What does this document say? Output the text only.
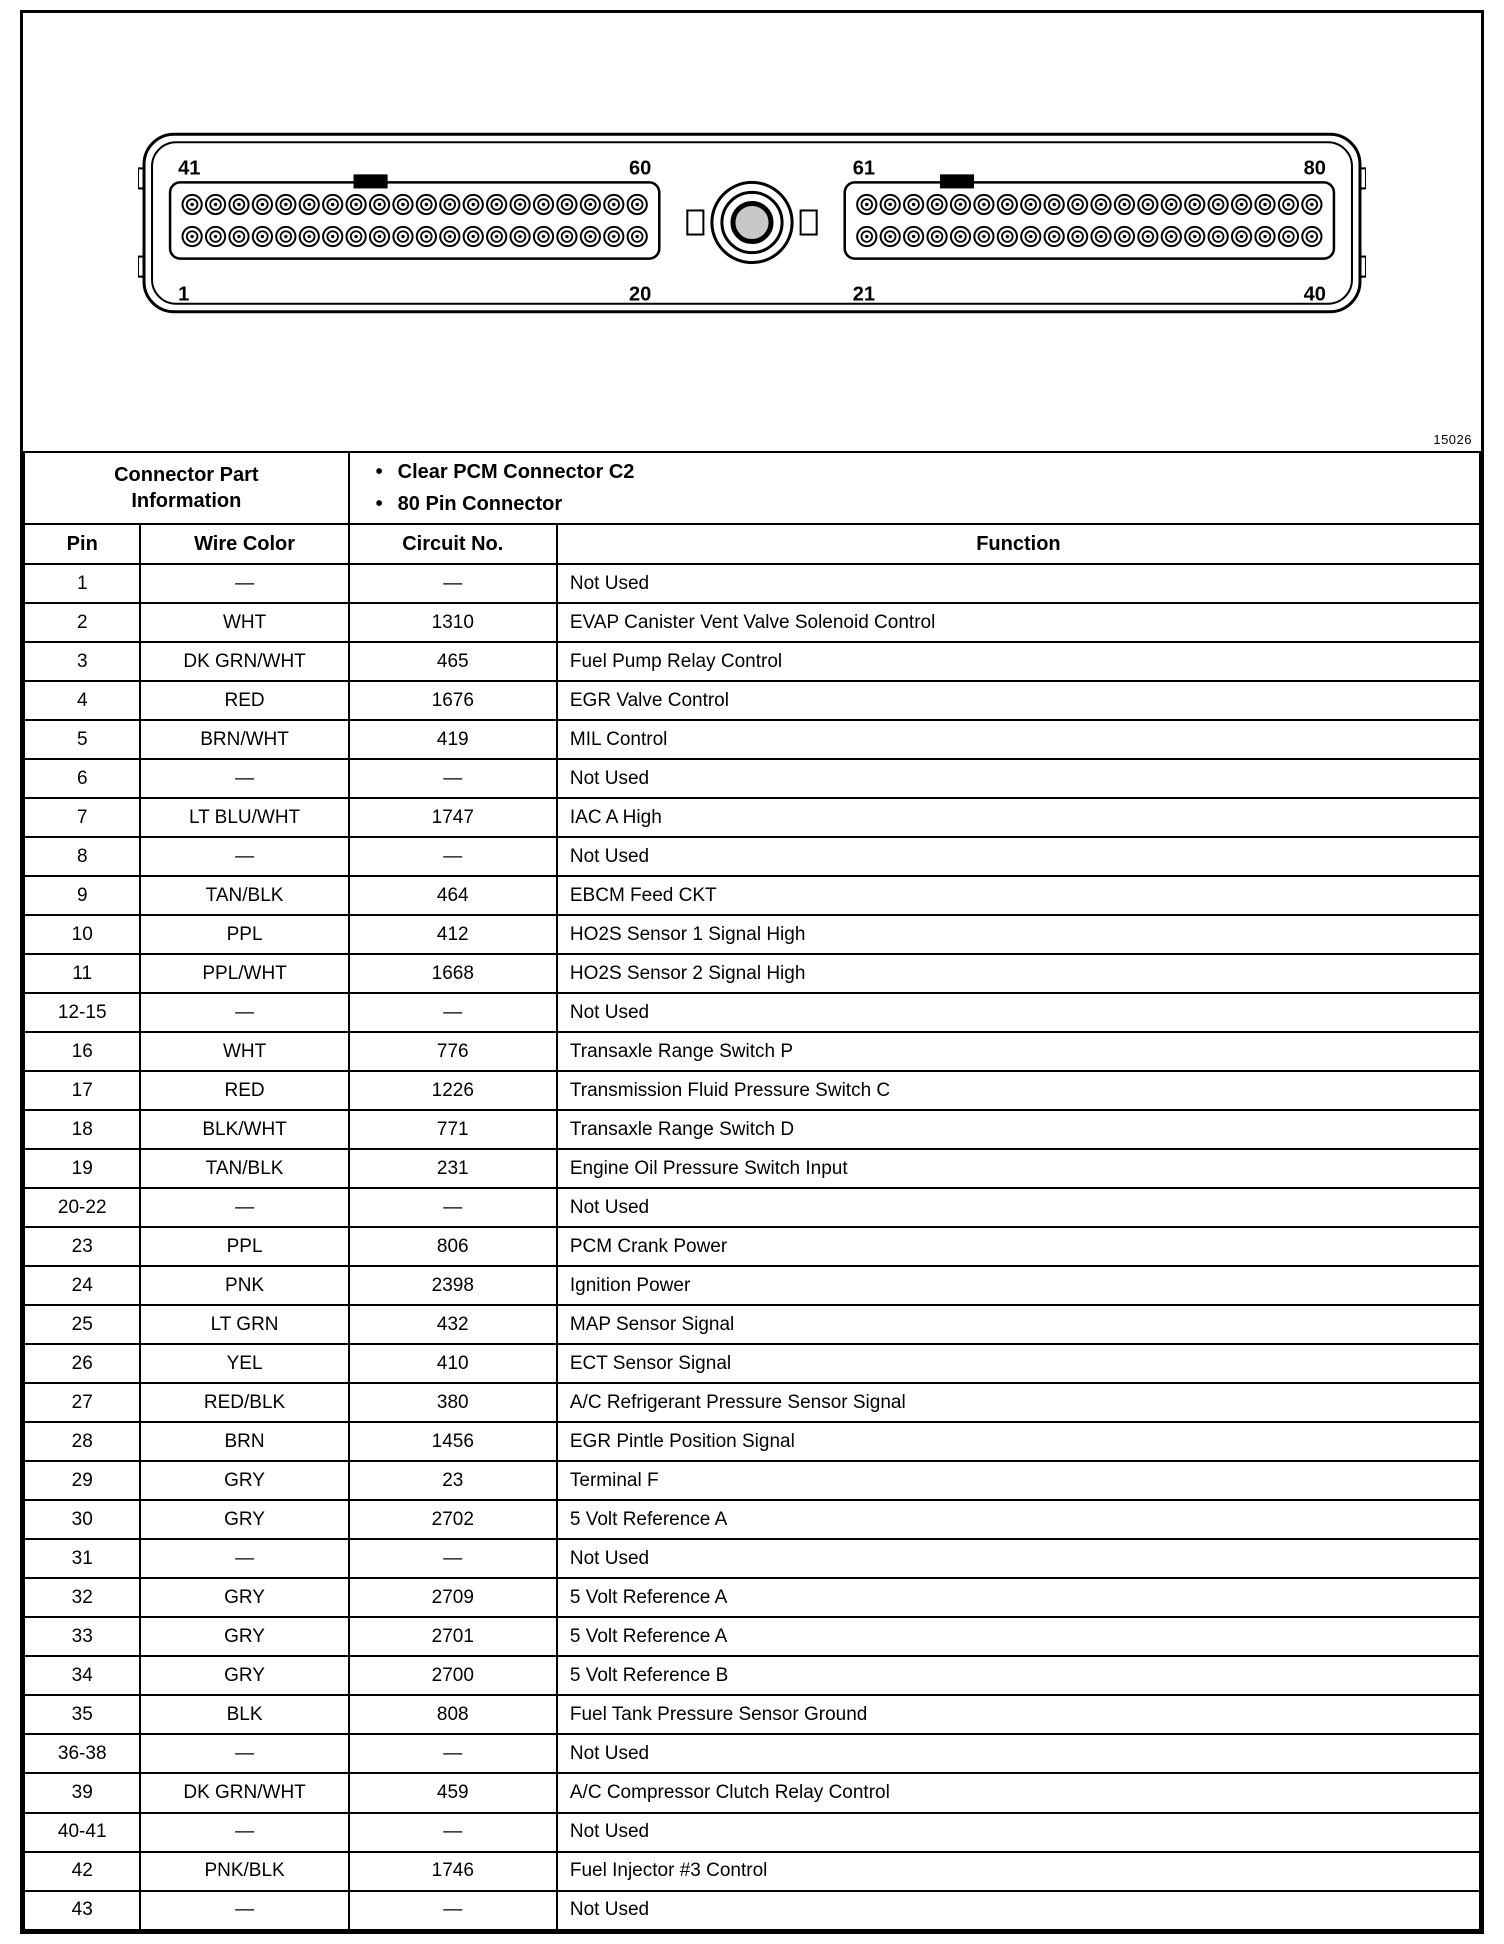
41	60
1	20
61	80
21	40
15026
Connector Part Information		• Clear PCM Connector C2
• 80 Pin Connector

Pin	Wire Color	Circuit No.	Function
1	—	—	Not Used
2	WHT	1310	EVAP Canister Vent Valve Solenoid Control
3	DK GRN/WHT	465	Fuel Pump Relay Control
4	RED	1676	EGR Valve Control
5	BRN/WHT	419	MIL Control
6	—	—	Not Used
7	LT BLU/WHT	1747	IAC A High
8	—	—	Not Used
9	TAN/BLK	464	EBCM Feed CKT
10	PPL	412	HO2S Sensor 1 Signal High
11	PPL/WHT	1668	HO2S Sensor 2 Signal High
12-15	—	—	Not Used
16	WHT	776	Transaxle Range Switch P
17	RED	1226	Transmission Fluid Pressure Switch C
18	BLK/WHT	771	Transaxle Range Switch D
19	TAN/BLK	231	Engine Oil Pressure Switch Input
20-22	—	—	Not Used
23	PPL	806	PCM Crank Power
24	PNK	2398	Ignition Power
25	LT GRN	432	MAP Sensor Signal
26	YEL	410	ECT Sensor Signal
27	RED/BLK	380	A/C Refrigerant Pressure Sensor Signal
28	BRN	1456	EGR Pintle Position Signal
29	GRY	23	Terminal F
30	GRY	2702	5 Volt Reference A
31	—	—	Not Used
32	GRY	2709	5 Volt Reference A
33	GRY	2701	5 Volt Reference A
34	GRY	2700	5 Volt Reference B
35	BLK	808	Fuel Tank Pressure Sensor Ground
36-38	—	—	Not Used
39	DK GRN/WHT	459	A/C Compressor Clutch Relay Control
40-41	—	—	Not Used
42	PNK/BLK	1746	Fuel Injector #3 Control
43	—	—	Not Used
